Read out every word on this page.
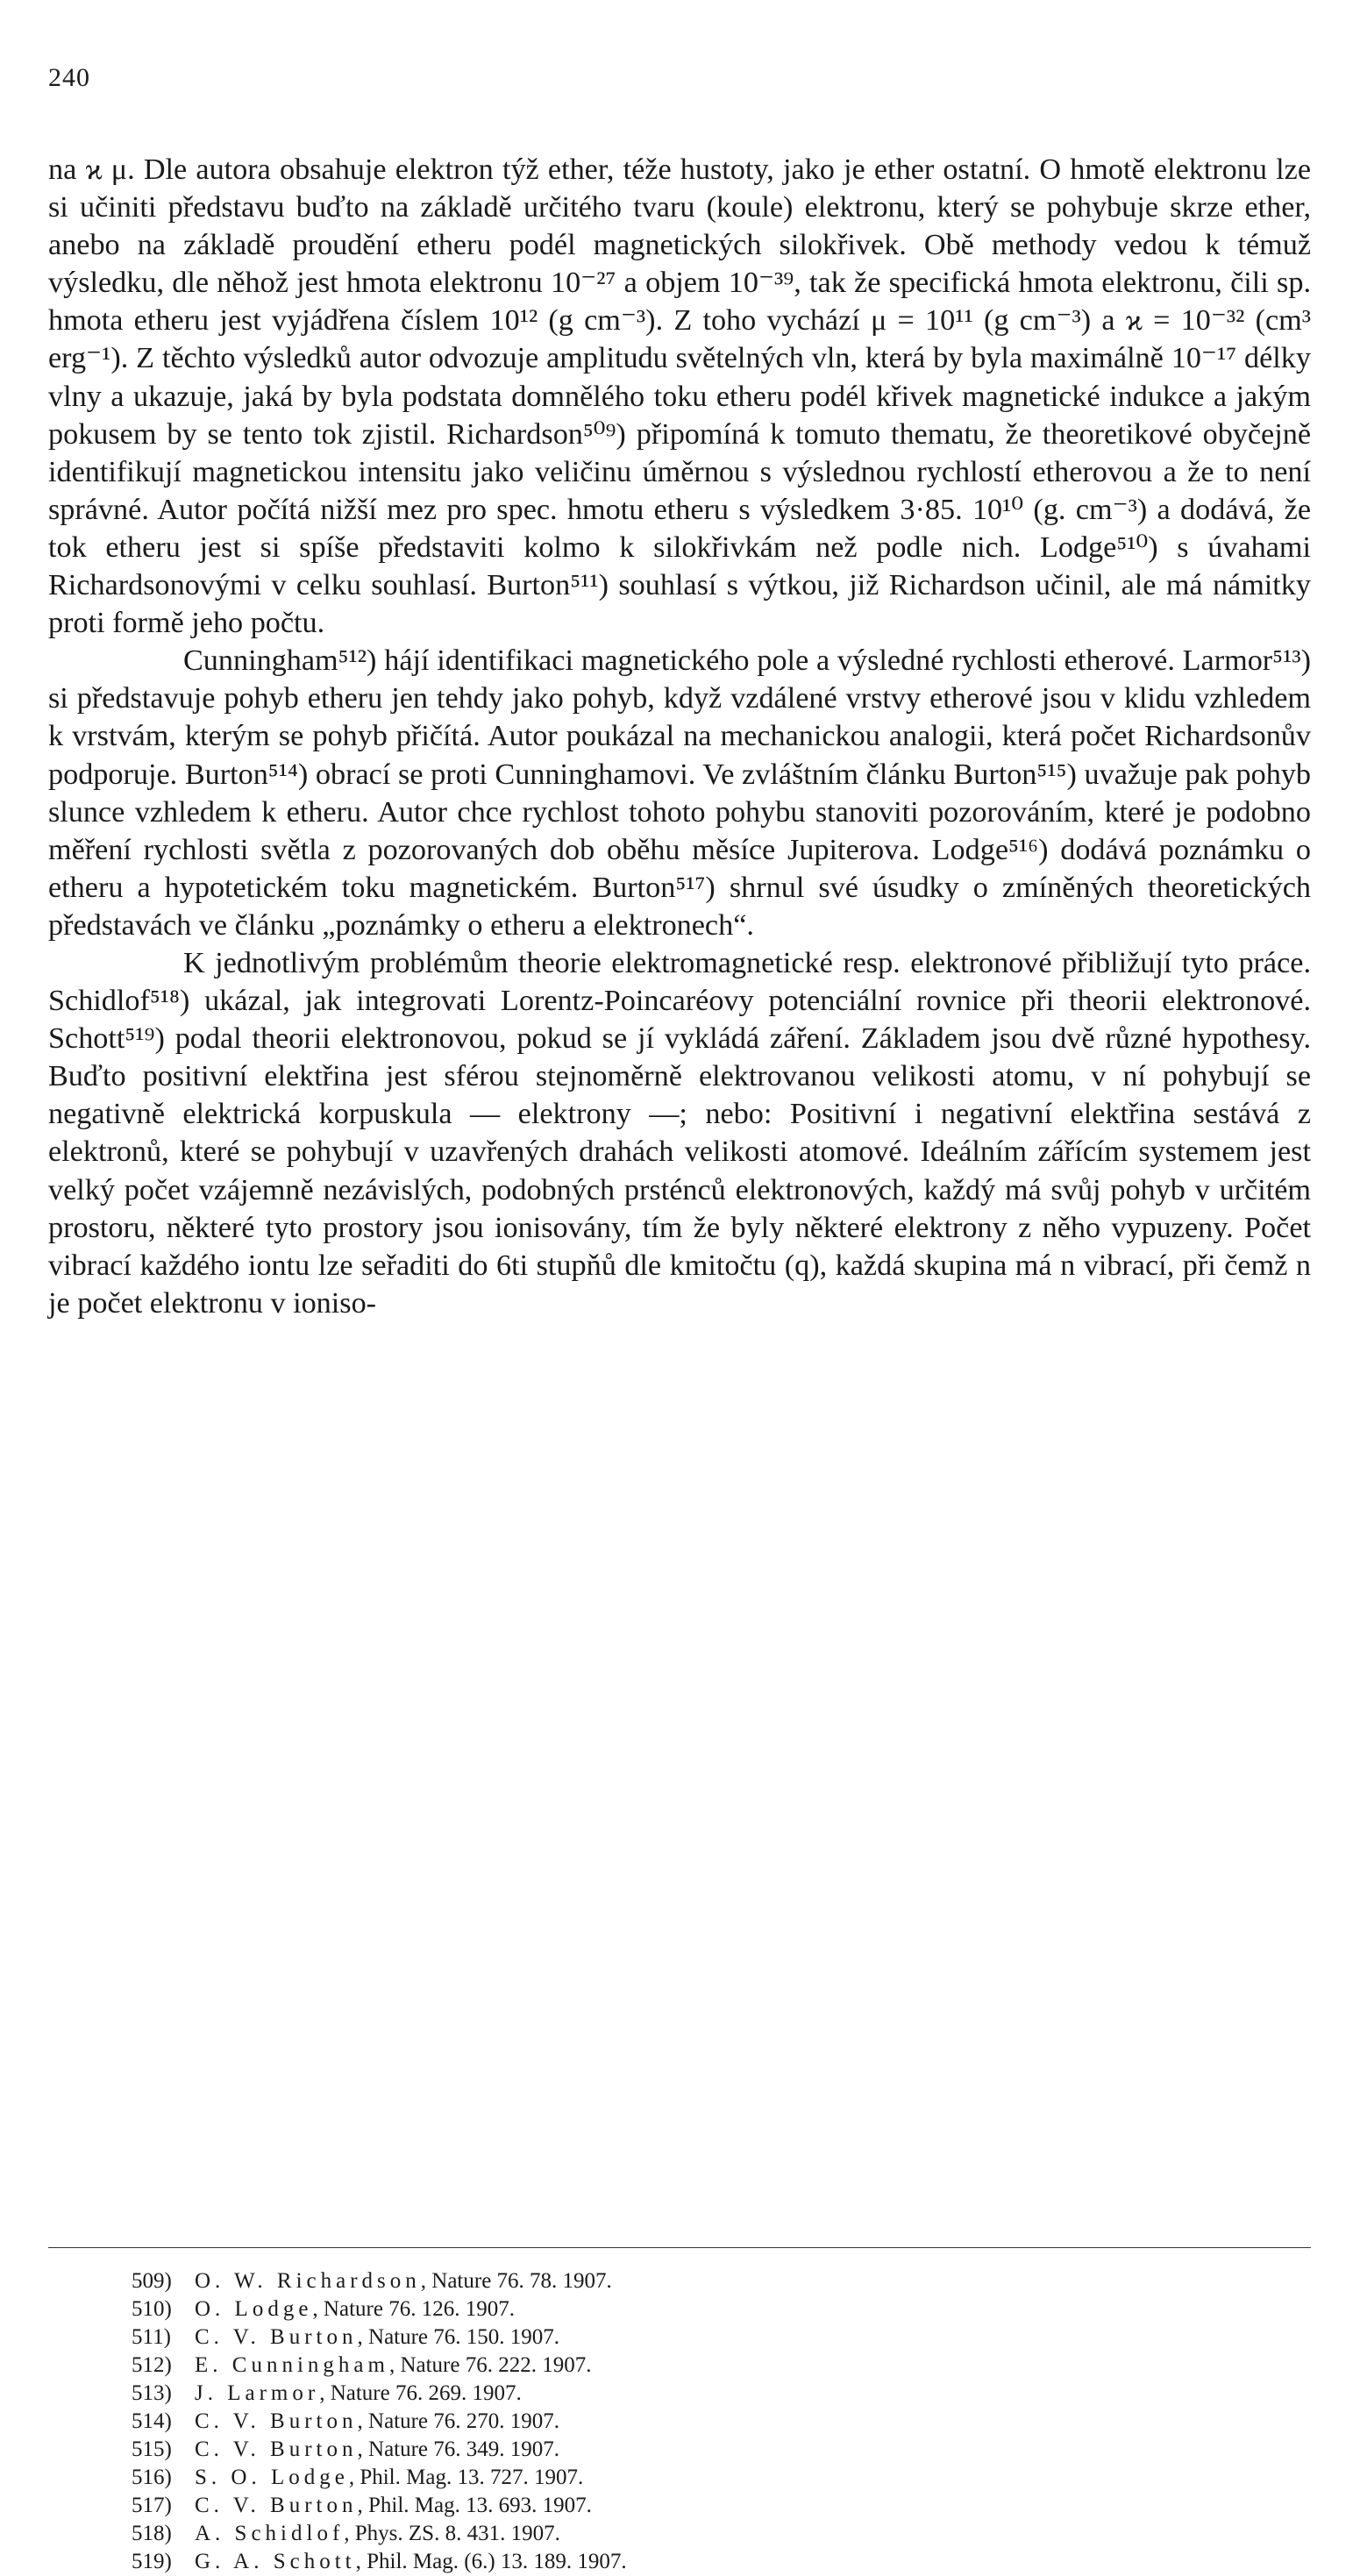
240

na ϰ μ. Dle autora obsahuje elektron týž ether, téže hustoty, jako je ether ostatní. O hmotě elektronu lze si učiniti představu buďto na základě určitého tvaru (koule) elektronu, který se pohybuje skrze ether, anebo na základě proudění etheru podél magnetických silokřivek. Obě methody vedou k témuž výsledku, dle něhož jest hmota elektronu 10⁻²⁷ a objem 10⁻³⁹, tak že specifická hmota elektronu, čili sp. hmota etheru jest vyjádřena číslem 10¹² (g cm⁻³). Z toho vychází μ = 10¹¹ (g cm⁻³) a ϰ = 10⁻³² (cm³ erg⁻¹). Z těchto výsledků autor odvozuje amplitudu světelných vln, která by byla maximálně 10⁻¹⁷ délky vlny a ukazuje, jaká by byla podstata domnělého toku etheru podél křivek magnetické indukce a jakým pokusem by se tento tok zjistil. Richardson⁵⁰⁹) připomíná k tomuto thematu, že theoretikové obyčejně identifikují magnetickou intensitu jako veličinu úměrnou s výslednou rychlostí etherovou a že to není správné. Autor počítá nižší mez pro spec. hmotu etheru s výsledkem 3·85. 10¹⁰ (g. cm⁻³) a dodává, že tok etheru jest si spíše představiti kolmo k silokřivkám než podle nich. Lodge⁵¹⁰) s úvahami Richardsonovými v celku souhlasí. Burton⁵¹¹) souhlasí s výtkou, již Richardson učinil, ale má námitky proti formě jeho počtu.

Cunningham⁵¹²) hájí identifikaci magnetického pole a výsledné rychlosti etherové. Larmor⁵¹³) si představuje pohyb etheru jen tehdy jako pohyb, když vzdálené vrstvy etherové jsou v klidu vzhledem k vrstvám, kterým se pohyb přičítá. Autor poukázal na mechanickou analogii, která počet Richardsonův podporuje. Burton⁵¹⁴) obrací se proti Cunninghamovi. Ve zvláštním článku Burton⁵¹⁵) uvažuje pak pohyb slunce vzhledem k etheru. Autor chce rychlost tohoto pohybu stanoviti pozorováním, které je podobno měření rychlosti světla z pozorovaných dob oběhu měsíce Jupiterova. Lodge⁵¹⁶) dodává poznámku o etheru a hypotetickém toku magnetickém. Burton⁵¹⁷) shrnul své úsudky o zmíněných theoretických představách ve článku „poznámky o etheru a elektronech“.

K jednotlivým problémům theorie elektromagnetické resp. elektronové přibližují tyto práce. Schidlof⁵¹⁸) ukázal, jak integrovati Lorentz-Poincaréovy potenciální rovnice při theorii elektronové. Schott⁵¹⁹) podal theorii elektronovou, pokud se jí vykládá záření. Základem jsou dvě různé hypothesy. Buďto positivní elektřina jest sférou stejnoměrně elektrovanou velikosti atomu, v ní pohybují se negativně elektrická korpuskula — elektrony —; nebo: Positivní i negativní elektřina sestává z elektronů, které se pohybují v uzavřených drahách velikosti atomové. Ideálním zářícím systemem jest velký počet vzájemně nezávislých, podobných prsténců elektronových, každý má svůj pohyb v určitém prostoru, některé tyto prostory jsou ionisovány, tím že byly některé elektrony z něho vypuzeny. Počet vibrací každého iontu lze seřaditi do 6ti stupňů dle kmitočtu (q), každá skupina má n vibrací, při čemž n je počet elektronu v ioniso-

509) O. W. Richardson, Nature 76. 78. 1907.
510) O. Lodge, Nature 76. 126. 1907.
511) C. V. Burton, Nature 76. 150. 1907.
512) E. Cunningham, Nature 76. 222. 1907.
513) J. Larmor, Nature 76. 269. 1907.
514) C. V. Burton, Nature 76. 270. 1907.
515) C. V. Burton, Nature 76. 349. 1907.
516) S. O. Lodge, Phil. Mag. 13. 727. 1907.
517) C. V. Burton, Phil. Mag. 13. 693. 1907.
518) A. Schidlof, Phys. ZS. 8. 431. 1907.
519) G. A. Schott, Phil. Mag. (6.) 13. 189. 1907.
